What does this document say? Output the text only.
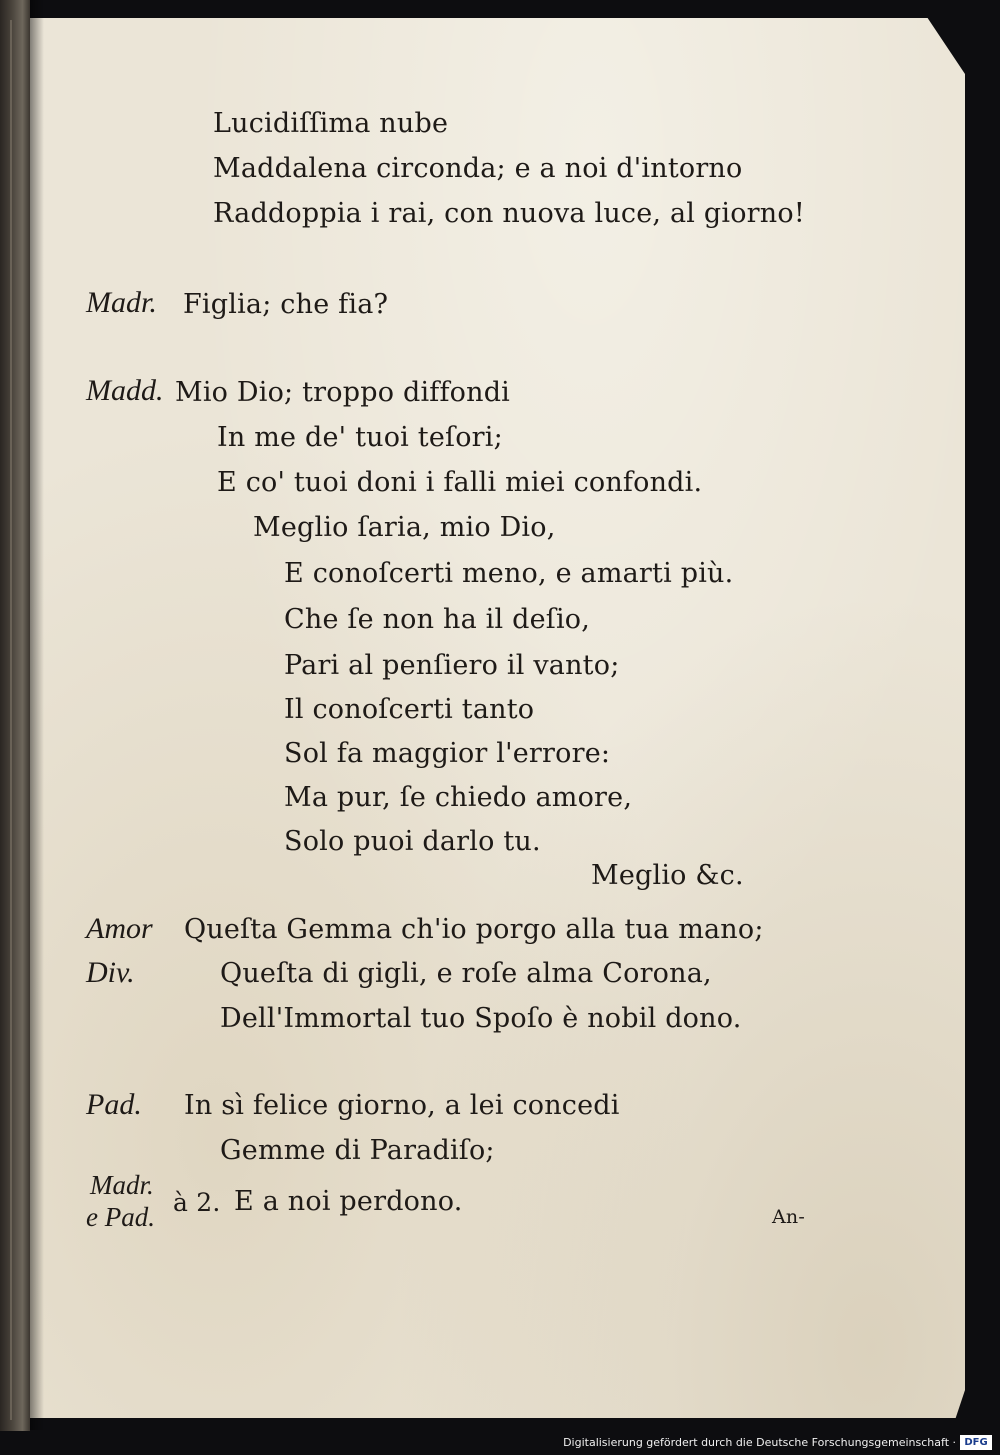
Lucidiſſima nube
Maddalena circonda; e a noi d'intorno
Raddoppia i rai, con nuova luce, al giorno!
Madr. Figlia; che fia?
Madd. Mio Dio; troppo diffondi
In me de' tuoi teſori;
E co' tuoi doni i falli miei confondi.
Meglio ſaria, mio Dio,
E conoſcerti meno, e amarti più.
Che ſe non ha il deſio,
Pari al penſiero il vanto;
Il conoſcerti tanto
Sol fa maggior l'errore:
Ma pur, ſe chiedo amore,
Solo puoi darlo tu.
Meglio &c.
Amor Queſta Gemma ch'io porgo alla tua mano;
Div.	Queſta di gigli, e roſe alma Corona,
Dell'Immortal tuo Spoſo è nobil dono.
Pad. In sì felice giorno, a lei concedi
Gemme di Paradiſo;
Madr.
e Pad. à 2. E a noi perdono.	An-
Digitalisierung gefördert durch die Deutsche Forschungsgemeinschaft · DFG
